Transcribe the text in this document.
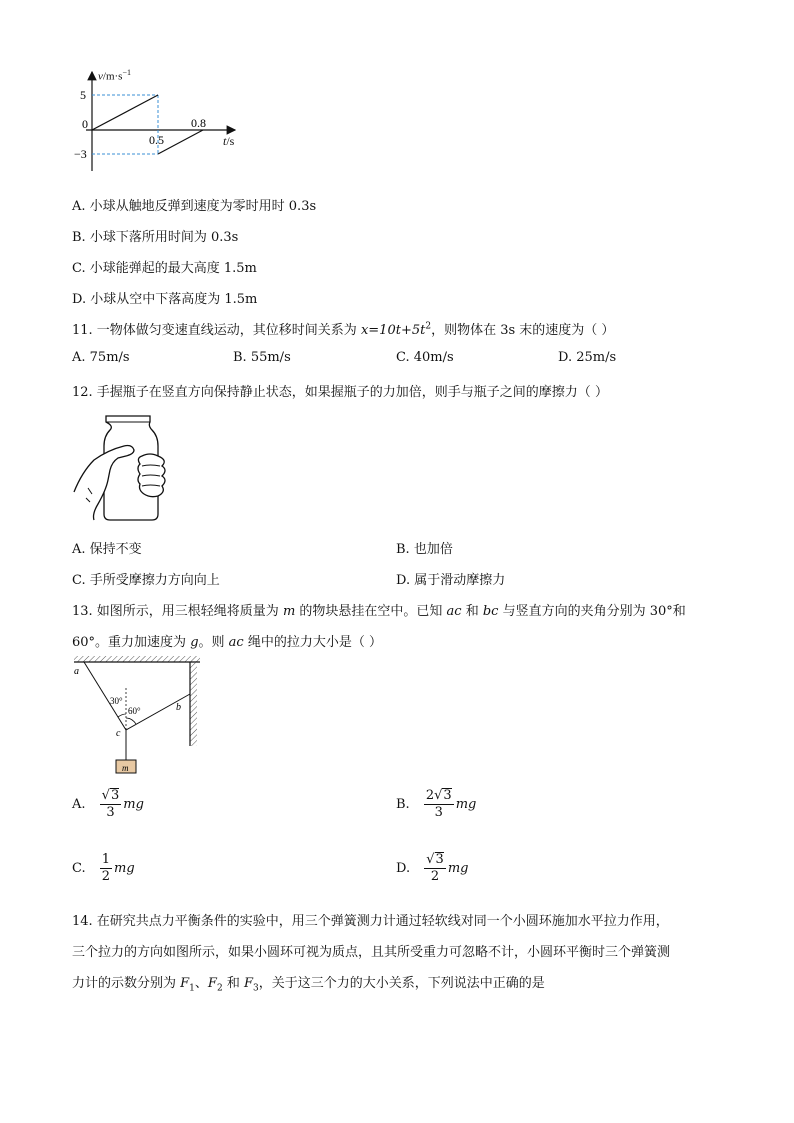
5
0
−3
0.5
0.8
$v/m\cdot s^{-1}$
t/s
A. 小球从触地反弹到速度为零时用时 0.3s
B. 小球下落所用时间为 0.3s
C. 小球能弹起的最大高度 1.5m
D. 小球从空中下落高度为 1.5m
11. 一物体做匀变速直线运动，其位移时间关系为 $x=10t+5t^2$，则物体在 3s 末的速度为（ ）
A. 75m/s	B. 55m/s	C. 40m/s	D. 25m/s
12. 手握瓶子在竖直方向保持静止状态，如果握瓶子的力加倍，则手与瓶子之间的摩擦力（ ）
A. 保持不变	B. 也加倍
C. 手所受摩擦力方向向上	D. 属于滑动摩擦力
13. 如图所示，用三根轻绳将质量为 m 的物块悬挂在空中。已知 ac 和 bc 与竖直方向的夹角分别为 30°和
60°。重力加速度为 g。则 ac 绳中的拉力大小是（ ）
a
b
c
m
30°
60°
A. $\frac{√3}{3}$ mg	B. $\frac{2√3}{3}$ mg
C. $\frac{1}{2}$ mg	D. $\frac{√3}{2}$ mg
14. 在研究共点力平衡条件的实验中，用三个弹簧测力计通过轻软线对同一个小圆环施加水平拉力作用，
三个拉力的方向如图所示，如果小圆环可视为质点，且其所受重力可忽略不计，小圆环平衡时三个弹簧测
力计的示数分别为 $F_1$、$F_2$ 和 $F_3$，关于这三个力的大小关系，下列说法中正确的是
